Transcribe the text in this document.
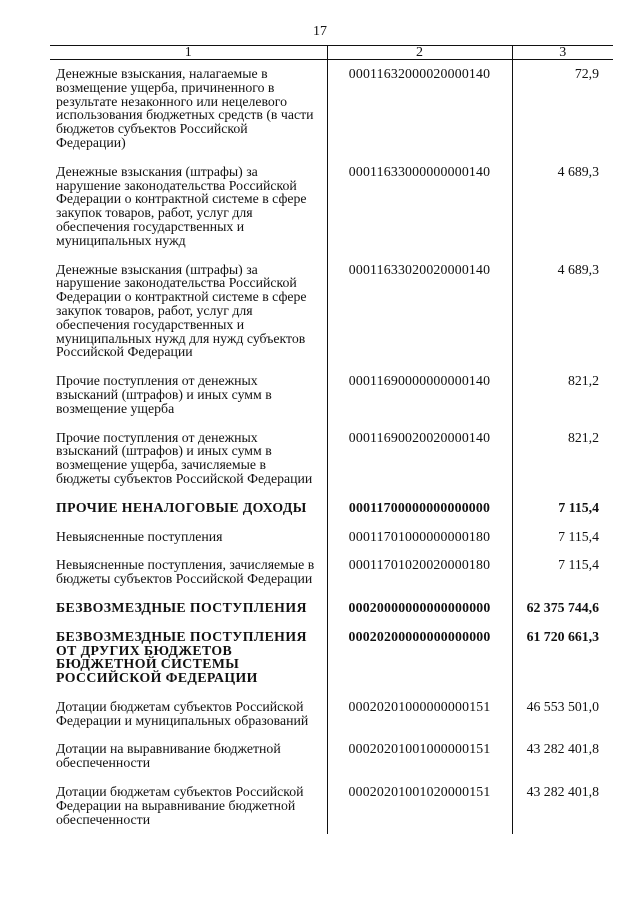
17
1	2	3
Денежные взыскания, налагаемые в возмещение ущерба, причиненного в результате незаконного или нецелевого использования бюджетных средств (в части бюджетов субъектов Российской Федерации)	00011632000020000140	72,9
Денежные взыскания (штрафы) за нарушение законодательства Российской Федерации о контрактной системе в сфере закупок товаров, работ, услуг для обеспечения государственных и муниципальных нужд	00011633000000000140	4 689,3
Денежные взыскания (штрафы) за нарушение законодательства Российской Федерации о контрактной системе в сфере закупок товаров, работ, услуг для обеспечения государственных и муниципальных нужд для нужд субъектов Российской Федерации	00011633020020000140	4 689,3
Прочие поступления от денежных взысканий (штрафов) и иных сумм в возмещение ущерба	00011690000000000140	821,2
Прочие поступления от денежных взысканий (штрафов) и иных сумм в возмещение ущерба, зачисляемые в бюджеты субъектов Российской Федерации	00011690020020000140	821,2
ПРОЧИЕ НЕНАЛОГОВЫЕ ДОХОДЫ	00011700000000000000	7 115,4
Невыясненные поступления	00011701000000000180	7 115,4
Невыясненные поступления, зачисляемые в бюджеты субъектов Российской Федерации	00011701020020000180	7 115,4
БЕЗВОЗМЕЗДНЫЕ ПОСТУПЛЕНИЯ	00020000000000000000	62 375 744,6
БЕЗВОЗМЕЗДНЫЕ ПОСТУПЛЕНИЯ ОТ ДРУГИХ БЮДЖЕТОВ БЮДЖЕТНОЙ СИСТЕМЫ РОССИЙСКОЙ ФЕДЕРАЦИИ	00020200000000000000	61 720 661,3
Дотации бюджетам субъектов Российской Федерации и муниципальных образований	00020201000000000151	46 553 501,0
Дотации на выравнивание бюджетной обеспеченности	00020201001000000151	43 282 401,8
Дотации бюджетам субъектов Российской Федерации на выравнивание бюджетной обеспеченности	00020201001020000151	43 282 401,8
